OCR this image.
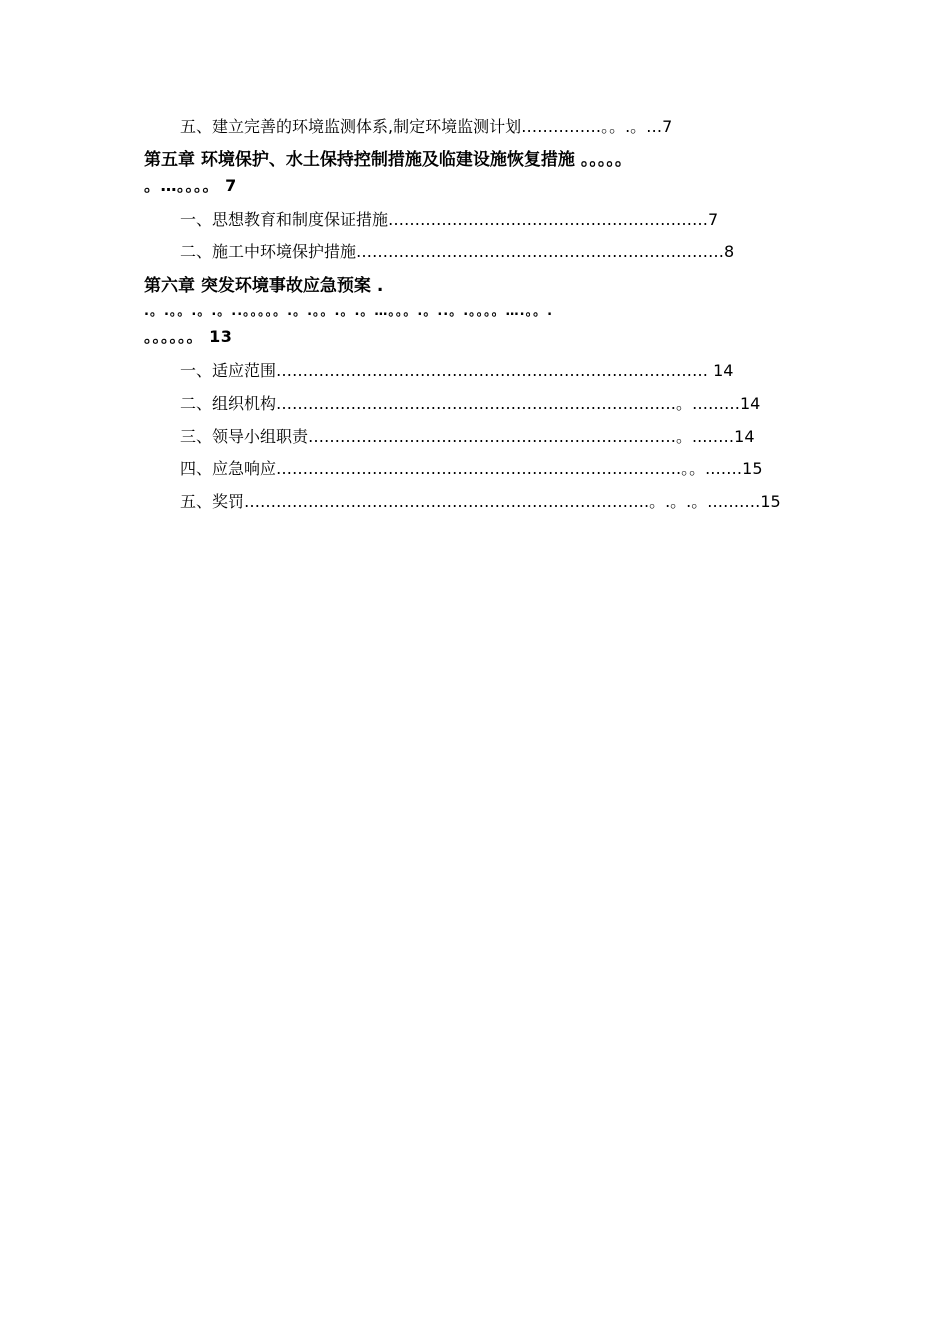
五、建立完善的环境监测体系,制定环境监测计划……………。。.。…7
第五章 环境保护、水土保持控制措施及临建设施恢复措施 。。。。。
。…。。。。 7
一、思想教育和制度保证措施……………………………………………………7
二、施工中环境保护措施……………………………………………………………8
第六章 突发环境事故应急预案 .
.。.。。.。.。..。。。。。.。.。。.。.。…。。。.。..。.。。。。….。。.
。。。。。。 13
一、适应范围……………………………………………………………………… 14
二、组织机构…………………………………………………………………。………14
三、领导小组职责……………………………………………………………。..……14
四、应急响应………………………………………………………………….。。.……15
五、奖罚………………………………………………………………….。.。.。.………15
